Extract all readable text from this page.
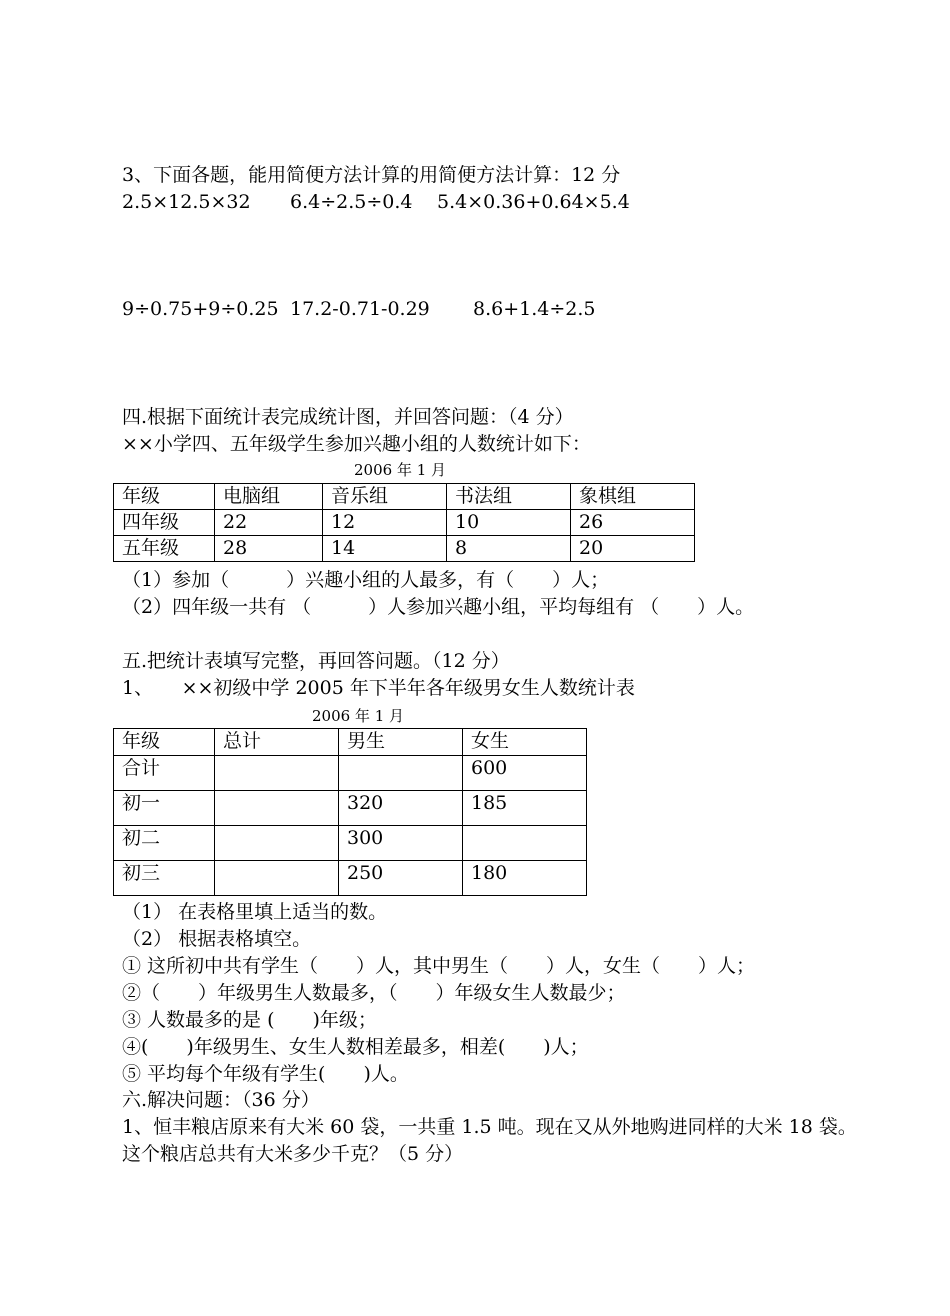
3、下面各题，能用简便方法计算的用简便方法计算：12 分
2.5×12.5×32 6.4÷2.5÷0.4 5.4×0.36+0.64×5.4
9÷0.75+9÷0.25 17.2-0.71-0.29 8.6+1.4÷2.5
四.根据下面统计表完成统计图，并回答问题：（4 分）
××小学四、五年级学生参加兴趣小组的人数统计如下：
2006 年 1 月
年级	电脑组	音乐组	书法组	象棋组
四年级	22	12	10	26
五年级	28	14	8	20
（1）参加（　　　）兴趣小组的人最多，有（　　）人；
（2）四年级一共有 （　　　）人参加兴趣小组，平均每组有 （　　）人。
五.把统计表填写完整，再回答问题。（12 分）
1、　　××初级中学 2005 年下半年各年级男女生人数统计表
2006 年 1 月
年级	总计	男生	女生
合计			600
初一		320	185
初二		300	
初三		250	180
（1） 在表格里填上适当的数。
（2） 根据表格填空。
① 这所初中共有学生（　　）人，其中男生（　　）人，女生（　　）人；
②（　　）年级男生人数最多，（　　）年级女生人数最少；
③ 人数最多的是 (　　)年级；
④(　　)年级男生、女生人数相差最多，相差(　　)人；
⑤ 平均每个年级有学生(　　)人。
六.解决问题：（36 分）
1、恒丰粮店原来有大米 60 袋，一共重 1.5 吨。现在又从外地购进同样的大米 18 袋。
这个粮店总共有大米多少千克？（5 分）
